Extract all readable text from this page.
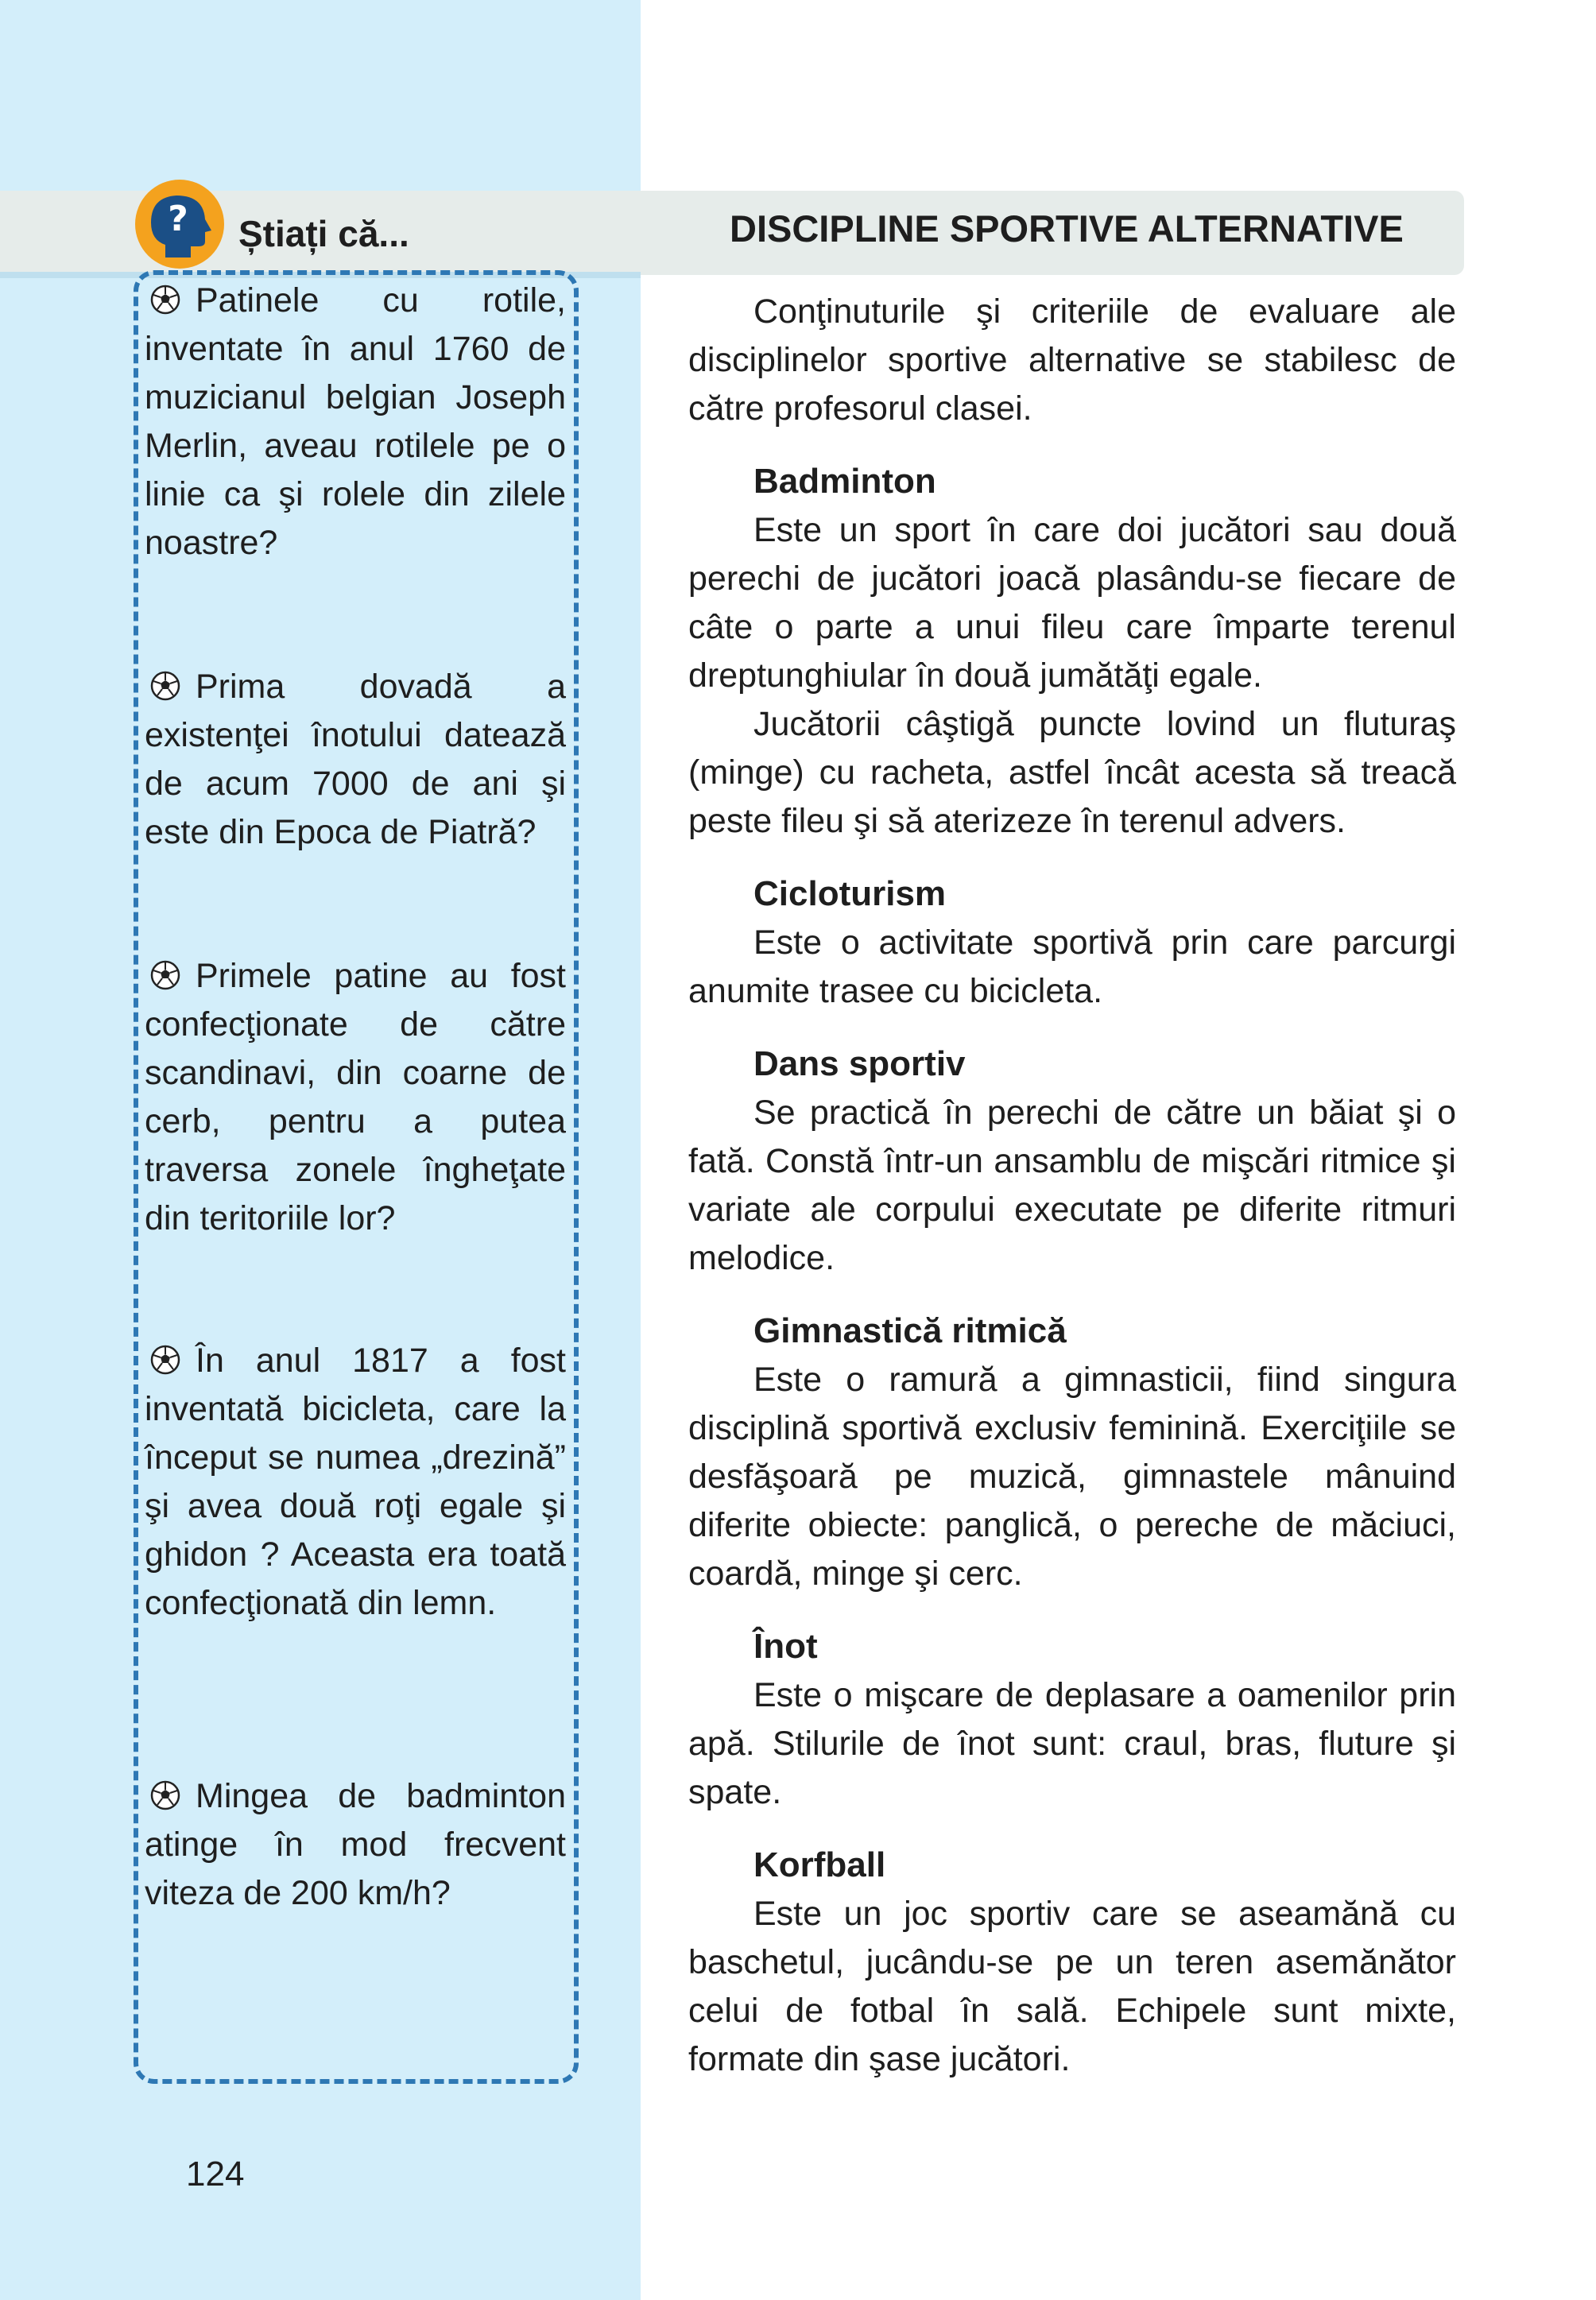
? Știați că...	DISCIPLINE SPORTIVE ALTERNATIVE
Patinele cu rotile, inventate în anul 1760 de muzicianul belgian Joseph Merlin, aveau rotilele pe o linie ca şi rolele din zilele noastre?
Prima dovadă a existenţei înotului datează de acum 7000 de ani şi este din Epoca de Piatră?
Primele patine au fost confecţionate de către scandinavi, din coarne de cerb, pentru a putea traversa zonele îngheţate din teritoriile lor?
În anul 1817 a fost inventată bicicleta, care la început se numea „drezină” şi avea două roţi egale şi ghidon ? Aceasta era toată confecţionată din lemn.
Mingea de badminton atinge în mod frecvent viteza de 200 km/h?
124

Conţinuturile şi criteriile de evaluare ale disciplinelor sportive alternative se stabilesc de către profesorul clasei.

Badminton

Este un sport în care doi jucători sau două perechi de jucători joacă plasându-se fiecare de câte o parte a unui fileu care împarte terenul dreptunghiular în două jumătăţi egale.

Jucătorii câştigă puncte lovind un fluturaş (minge) cu racheta, astfel încât acesta să treacă peste fileu şi să aterizeze în terenul advers.

Cicloturism

Este o activitate sportivă prin care parcurgi anumite trasee cu bicicleta.

Dans sportiv

Se practică în perechi de către un băiat şi o fată. Constă într-un ansamblu de mişcări ritmice şi variate ale corpului executate pe diferite ritmuri melodice.

Gimnastică ritmică

Este o ramură a gimnasticii, fiind singura disciplină sportivă exclusiv feminină. Exerciţiile se desfăşoară pe muzică, gimnastele mânuind diferite obiecte: panglică, o pereche de măciuci, coardă, minge şi cerc.

Înot

Este o mişcare de deplasare a oamenilor prin apă. Stilurile de înot sunt: craul, bras, fluture şi spate.

Korfball

Este un joc sportiv care se aseamănă cu baschetul, jucându-se pe un teren asemănător celui de fotbal în sală. Echipele sunt mixte, formate din şase jucători.
